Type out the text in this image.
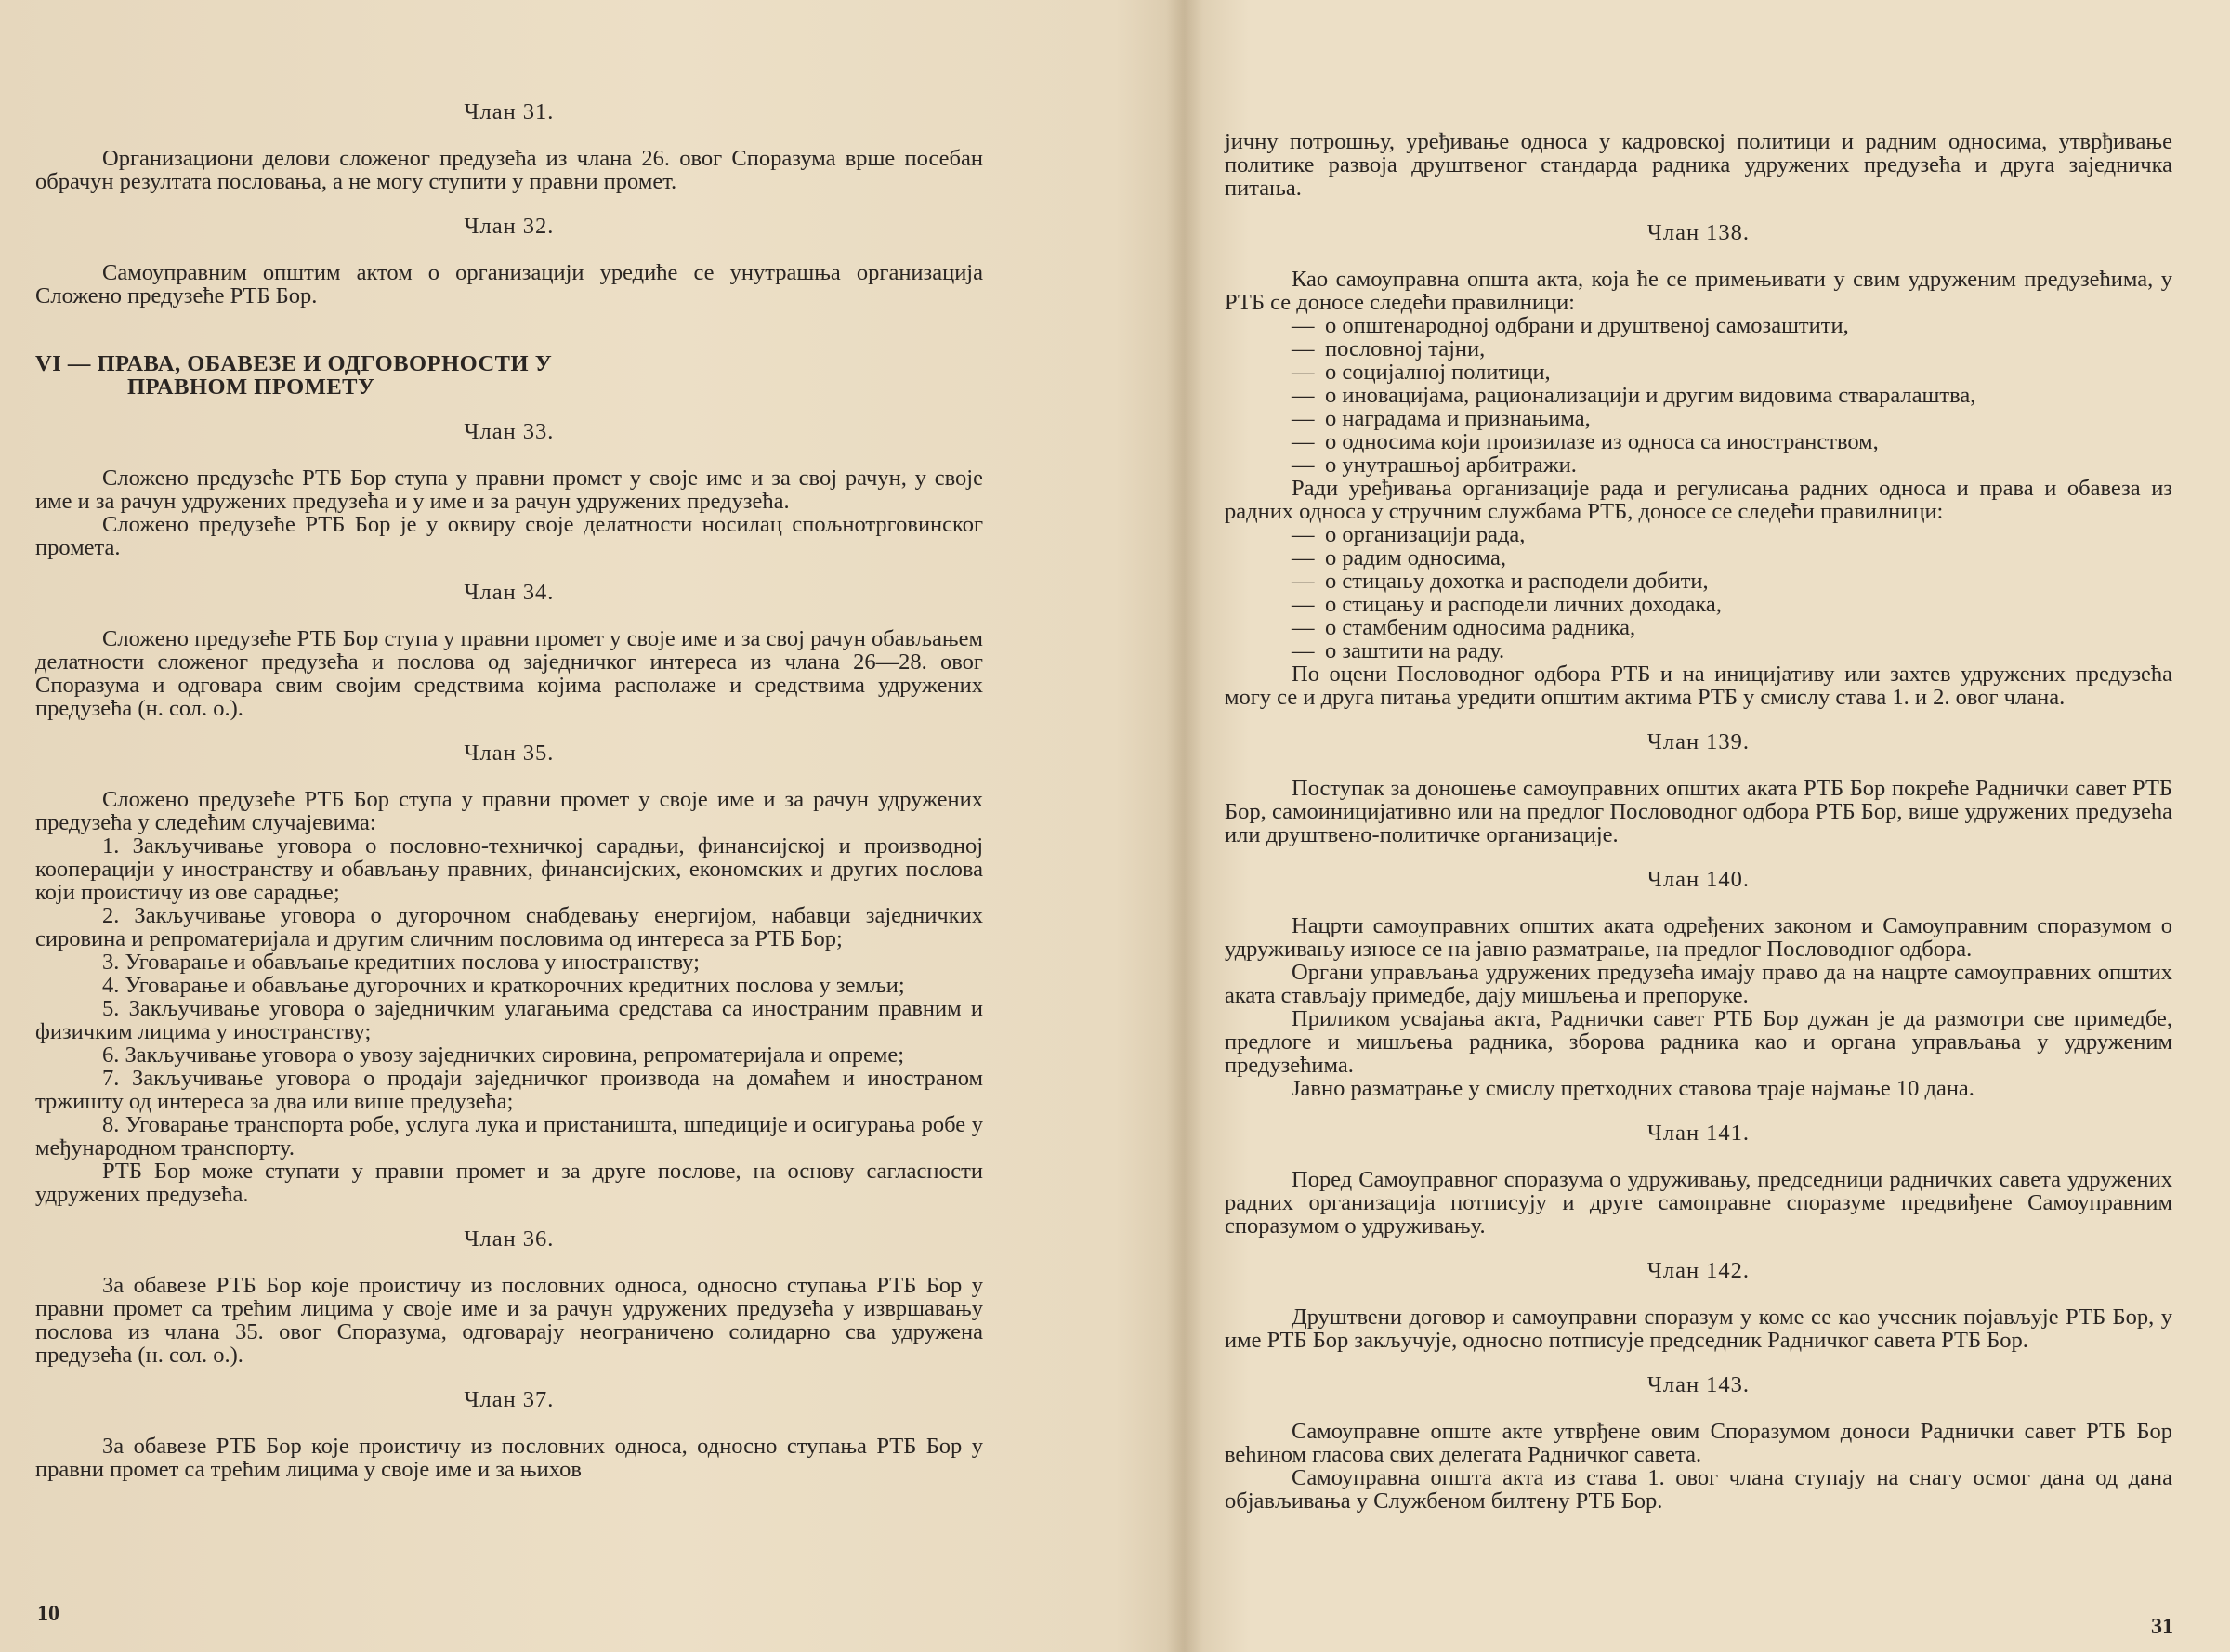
Члан 31.
Организациони делови сложеног предузећа из члана 26. овог Споразума врше посебан обрачун резултата пословања, а не могу ступити у правни промет.
Члан 32.
Самоуправним општим актом о организацији уредиће се унутрашња организација Сложено предузеће РТБ Бор.
VI — ПРАВА, ОБАВЕЗЕ И ОДГОВОРНОСТИ У
ПРАВНОМ ПРОМЕТУ
Члан 33.
Сложено предузеће РТБ Бор ступа у правни промет у своје име и за свој рачун, у своје име и за рачун удружених предузећа и у име и за рачун удружених предузећа.
Сложено предузеће РТБ Бор је у оквиру своје делатности носилац спољнотрговинског промета.
Члан 34.
Сложено предузеће РТБ Бор ступа у правни промет у своје име и за свој рачун обављањем делатности сложеног предузећа и послова од заједничког интереса из члана 26—28. овог Споразума и одговара свим својим средствима којима располаже и средствима удружених предузећа (н. сол. о.).
Члан 35.
Сложено предузеће РТБ Бор ступа у правни промет у своје име и за рачун удружених предузећа у следећим случајевима:
1. Закључивање уговора о пословно-техничкој сарадњи, финансијској и производној кооперацији у иностранству и обављању правних, финансијских, економских и других послова који проистичу из ове сарадње;
2. Закључивање уговора о дугорочном снабдевању енергијом, набавци заједничких сировина и репроматеријала и другим сличним пословима од интереса за РТБ Бор;
3. Уговарање и обављање кредитних послова у иностранству;
4. Уговарање и обављање дугорочних и краткорочних кредитних послова у земљи;
5. Закључивање уговора о заједничким улагањима средстава са иностраним правним и физичким лицима у иностранству;
6. Закључивање уговора о увозу заједничких сировина, репроматеријала и опреме;
7. Закључивање уговора о продаји заједничког производа на домаћем и иностраном тржишту од интереса за два или више предузећа;
8. Уговарање транспорта робе, услуга лука и пристаништа, шпедиције и осигурања робе у међународном транспорту.
РТБ Бор може ступати у правни промет и за друге послове, на основу сагласности удружених предузећа.
Члан 36.
За обавезе РТБ Бор које проистичу из пословних односа, односно ступања РТБ Бор у правни промет са трећим лицима у своје име и за рачун удружених предузећа у извршавању послова из члана 35. овог Споразума, одговарају неограничено солидарно сва удружена предузећа (н. сол. о.).
Члан 37.
За обавезе РТБ Бор које проистичу из пословних односа, односно ступања РТБ Бор у правни промет са трећим лицима у своје име и за њихов
јичну потрошњу, уређивање односа у кадровској политици и радним односима, утврђивање политике развоја друштвеног стандарда радника удружених предузећа и друга заједничка питања.
Члан 138.
Као самоуправна општа акта, која ће се примењивати у свим удруженим предузећима, у РТБ се доносе следећи правилници:
— о општенародној одбрани и друштвеној самозаштити,
— пословној тајни,
— о социјалној политици,
— о иновацијама, рационализацији и другим видовима стваралаштва,
— о наградама и признањима,
— о односима који произилазе из односа са иностранством,
— о унутрашњој арбитражи.
Ради уређивања организације рада и регулисања радних односа и права и обавеза из радних односа у стручним службама РТБ, доносе се следећи правилници:
— о организацији рада,
— о радим односима,
— о стицању дохотка и расподели добити,
— о стицању и расподели личних доходака,
— о стамбеним односима радника,
— о заштити на раду.
По оцени Пословодног одбора РТБ и на иницијативу или захтев удружених предузећа могу се и друга питања уредити општим актима РТБ у смислу става 1. и 2. овог члана.
Члан 139.
Поступак за доношење самоуправних општих аката РТБ Бор покреће Раднички савет РТБ Бор, самоиницијативно или на предлог Пословодног одбора РТБ Бор, више удружених предузећа или друштвено-политичке организације.
Члан 140.
Нацрти самоуправних општих аката одређених законом и Самоуправним споразумом о удруживању износе се на јавно разматрање, на предлог Пословодног одбора.
Органи управљања удружених предузећа имају право да на нацрте самоуправних општих аката стављају примедбе, дају мишљења и препоруке.
Приликом усвајања акта, Раднички савет РТБ Бор дужан је да размотри све примедбе, предлоге и мишљења радника, зборова радника као и органа управљања у удруженим предузећима.
Јавно разматрање у смислу претходних ставова траје најмање 10 дана.
Члан 141.
Поред Самоуправног споразума о удруживању, председници радничких савета удружених радних организација потписују и друге самоправне споразуме предвиђене Самоуправним споразумом о удруживању.
Члан 142.
Друштвени договор и самоуправни споразум у коме се као учесник појављује РТБ Бор, у име РТБ Бор закључује, односно потписује председник Радничког савета РТБ Бор.
Члан 143.
Самоуправне опште акте утврђене овим Споразумом доноси Раднички савет РТБ Бор већином гласова свих делегата Радничког савета.
Самоуправна општа акта из става 1. овог члана ступају на снагу осмог дана од дана објављивања у Службеном билтену РТБ Бор.
10
31
